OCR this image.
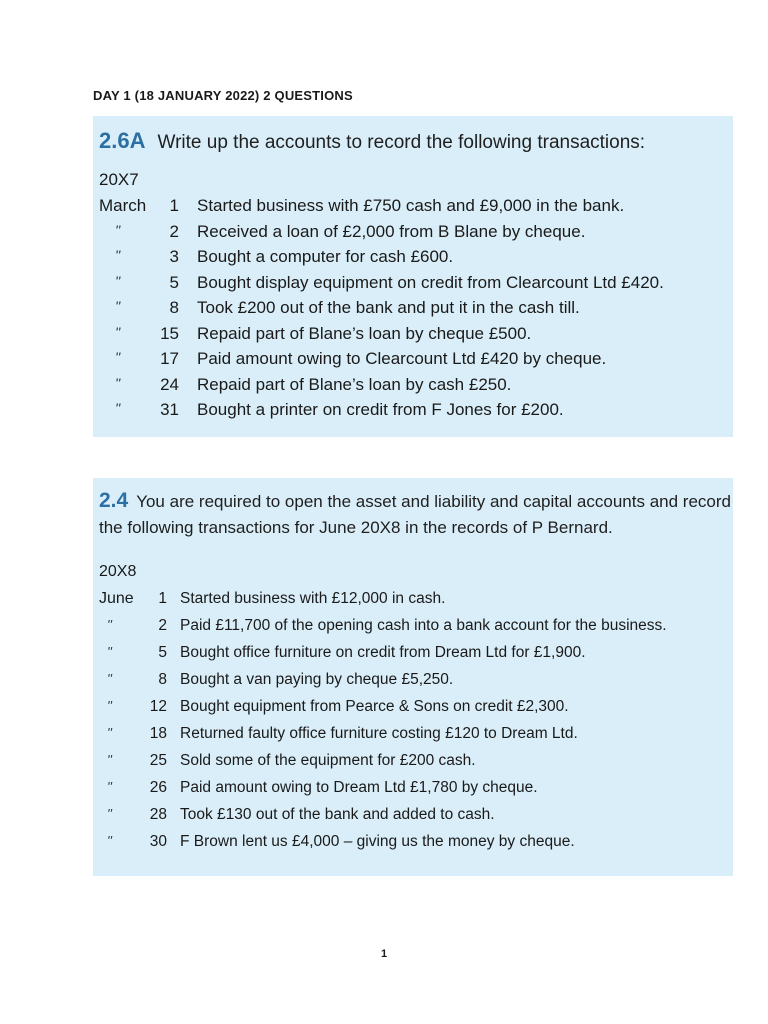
DAY 1 (18 JANUARY 2022) 2 QUESTIONS
2.6A Write up the accounts to record the following transactions:
20X7
March	1 Started business with £750 cash and £9,000 in the bank.
''	2 Received a loan of £2,000 from B Blane by cheque.
''	3 Bought a computer for cash £600.
''	5 Bought display equipment on credit from Clearcount Ltd £420.
''	8 Took £200 out of the bank and put it in the cash till.
'' 15 Repaid part of Blane’s loan by cheque £500.
'' 17 Paid amount owing to Clearcount Ltd £420 by cheque.
'' 24 Repaid part of Blane’s loan by cash £250.
'' 31 Bought a printer on credit from F Jones for £200.
2.4 You are required to open the asset and liability and capital accounts and record the following transactions for June 20X8 in the records of P Bernard.
20X8
June	1 Started business with £12,000 in cash.
''	2 Paid £11,700 of the opening cash into a bank account for the business.
''	5 Bought office furniture on credit from Dream Ltd for £1,900.
''	8 Bought a van paying by cheque £5,250.
'' 12 Bought equipment from Pearce & Sons on credit £2,300.
'' 18 Returned faulty office furniture costing £120 to Dream Ltd.
'' 25 Sold some of the equipment for £200 cash.
'' 26 Paid amount owing to Dream Ltd £1,780 by cheque.
'' 28 Took £130 out of the bank and added to cash.
'' 30 F Brown lent us £4,000 – giving us the money by cheque.
1
